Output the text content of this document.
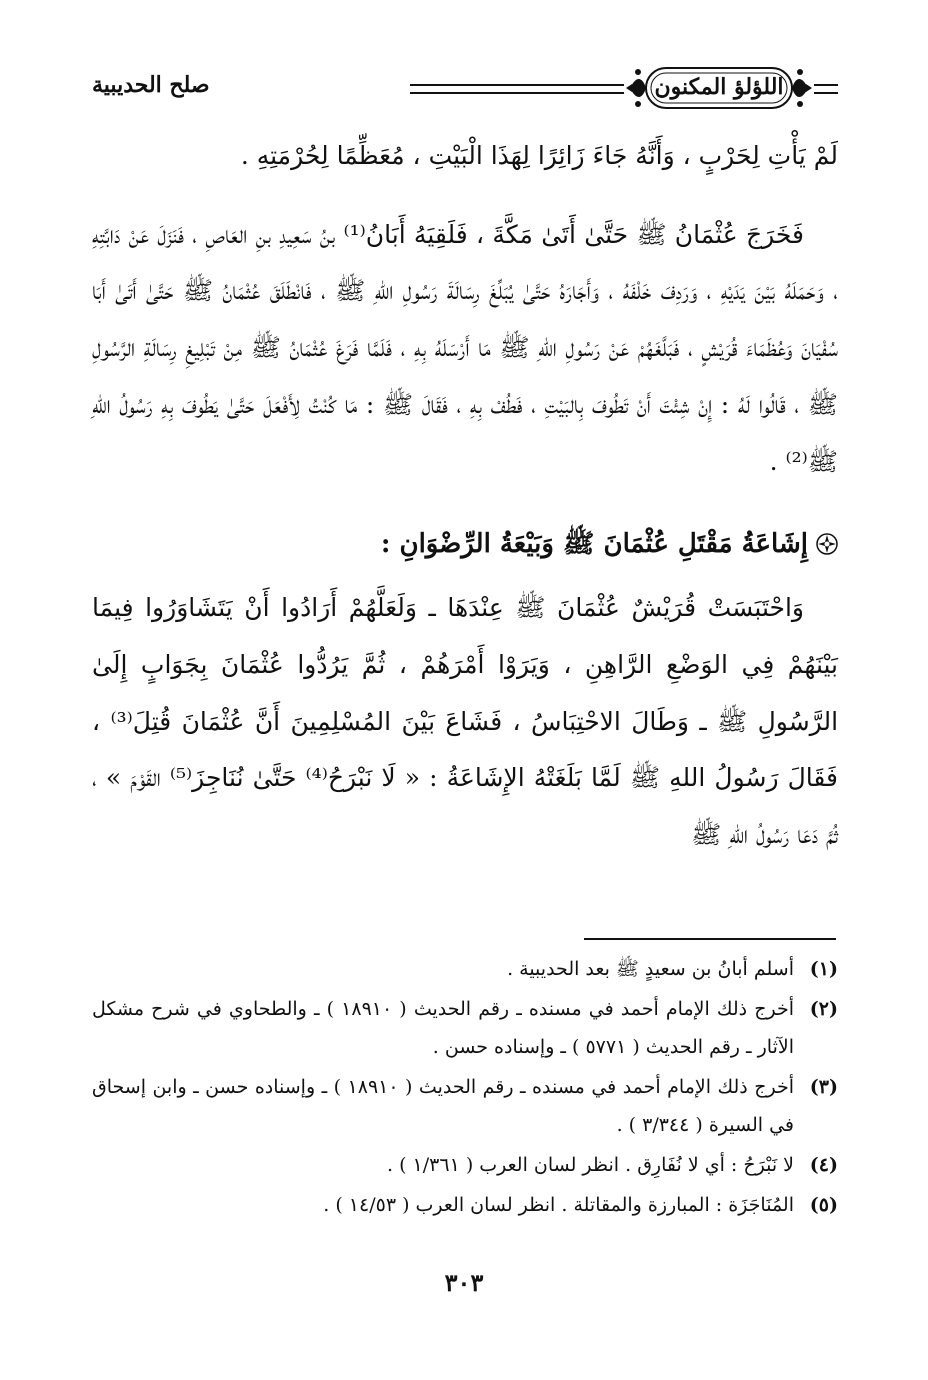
اللؤلؤ المكنون
صلح الحديبية

لَمْ يَأْتِ لِحَرْبٍ ، وَأَنَّهُ جَاءَ زَائِرًا لِهَذَا الْبَيْتِ ، مُعَظِّمًا لِحُرْمَتِهِ .

فَخَرَجَ عُثْمَانُ ﷺ حَتَّىٰ أَتَىٰ مَكَّةَ ، فَلَقِيَهُ أَبَانُ⁽¹⁾ بنُ سَعِيدِ بنِ العَاصِ ، فَنَزَلَ عَنْ دَابَّتِهِ ، وَحَمَلَهُ بَيْنَ يَدَيْهِ ، وَرَدِفَ خَلْفَهُ ، وَأَجَارَهُ حَتَّىٰ يُبَلِّغَ رِسَالَةَ رَسُولِ اللهِ ﷺ ، فَانْطَلَقَ عُثْمَانُ ﷺ حَتَّىٰ أَتَىٰ أَبَا سُفْيَانَ وَعُظَمَاءَ قُرَيْشٍ ، فَبَلَّغَهُمْ عَنْ رَسُولِ اللهِ ﷺ مَا أَرْسَلَهُ بِهِ ، فَلَمَّا فَرَغَ عُثْمَانُ ﷺ مِنْ تَبْلِيغِ رِسَالَةِ الرَّسُولِ ﷺ ، قَالُوا لَهُ : إِنْ شِئْتَ أَنْ تَطُوفَ بِالبَيْتِ ، فَطُفْ بِهِ ، فَقَالَ ﷺ : مَا كُنْتُ لِأَفْعَلَ حَتَّىٰ يَطُوفَ بِهِ رَسُولُ اللهِ ﷺ⁽²⁾ .

إِشَاعَةُ مَقْتَلِ عُثْمَانَ ﷺ وَبَيْعَةُ الرِّضْوَانِ :

وَاحْتَبَسَتْ قُرَيْشٌ عُثْمَانَ ﷺ عِنْدَهَا ـ وَلَعَلَّهُمْ أَرَادُوا أَنْ يَتَشَاوَرُوا فِيمَا بَيْنَهُمْ فِي الوَضْعِ الرَّاهِنِ ، وَيَرَوْا أَمْرَهُمْ ، ثُمَّ يَرُدُّوا عُثْمَانَ بِجَوَابٍ إِلَىٰ الرَّسُولِ ﷺ ـ وَطَالَ الاحْتِبَاسُ ، فَشَاعَ بَيْنَ المُسْلِمِينَ أَنَّ عُثْمَانَ قُتِلَ⁽³⁾ ، فَقَالَ رَسُولُ اللهِ ﷺ لَمَّا بَلَغَتْهُ الإِشَاعَةُ : « لَا نَبْرَحُ⁽⁴⁾ حَتَّىٰ نُنَاجِزَ⁽⁵⁾ القَوْمَ » ، ثُمَّ دَعَا رَسُولُ اللهِ ﷺ

(١)
أسلم أبانُ بن سعيدٍ ﷺ بعد الحديبية .
(٢)
أخرج ذلك الإمام أحمد في مسنده ـ رقم الحديث ( ١٨٩١٠ ) ـ والطحاوي في شرح مشكل الآثار ـ رقم الحديث ( ٥٧٧١ ) ـ وإسناده حسن .
(٣)
أخرج ذلك الإمام أحمد في مسنده ـ رقم الحديث ( ١٨٩١٠ ) ـ وإسناده حسن ـ وابن إسحاق في السيرة ( ٣/٣٤٤ ) .
(٤)
لا نَبْرَحُ : أي لا نُفَارِق . انظر لسان العرب ( ١/٣٦١ ) .
(٥)
المُنَاجَزَة : المبارزة والمقاتلة . انظر لسان العرب ( ١٤/٥٣ ) .
٣٠٣
